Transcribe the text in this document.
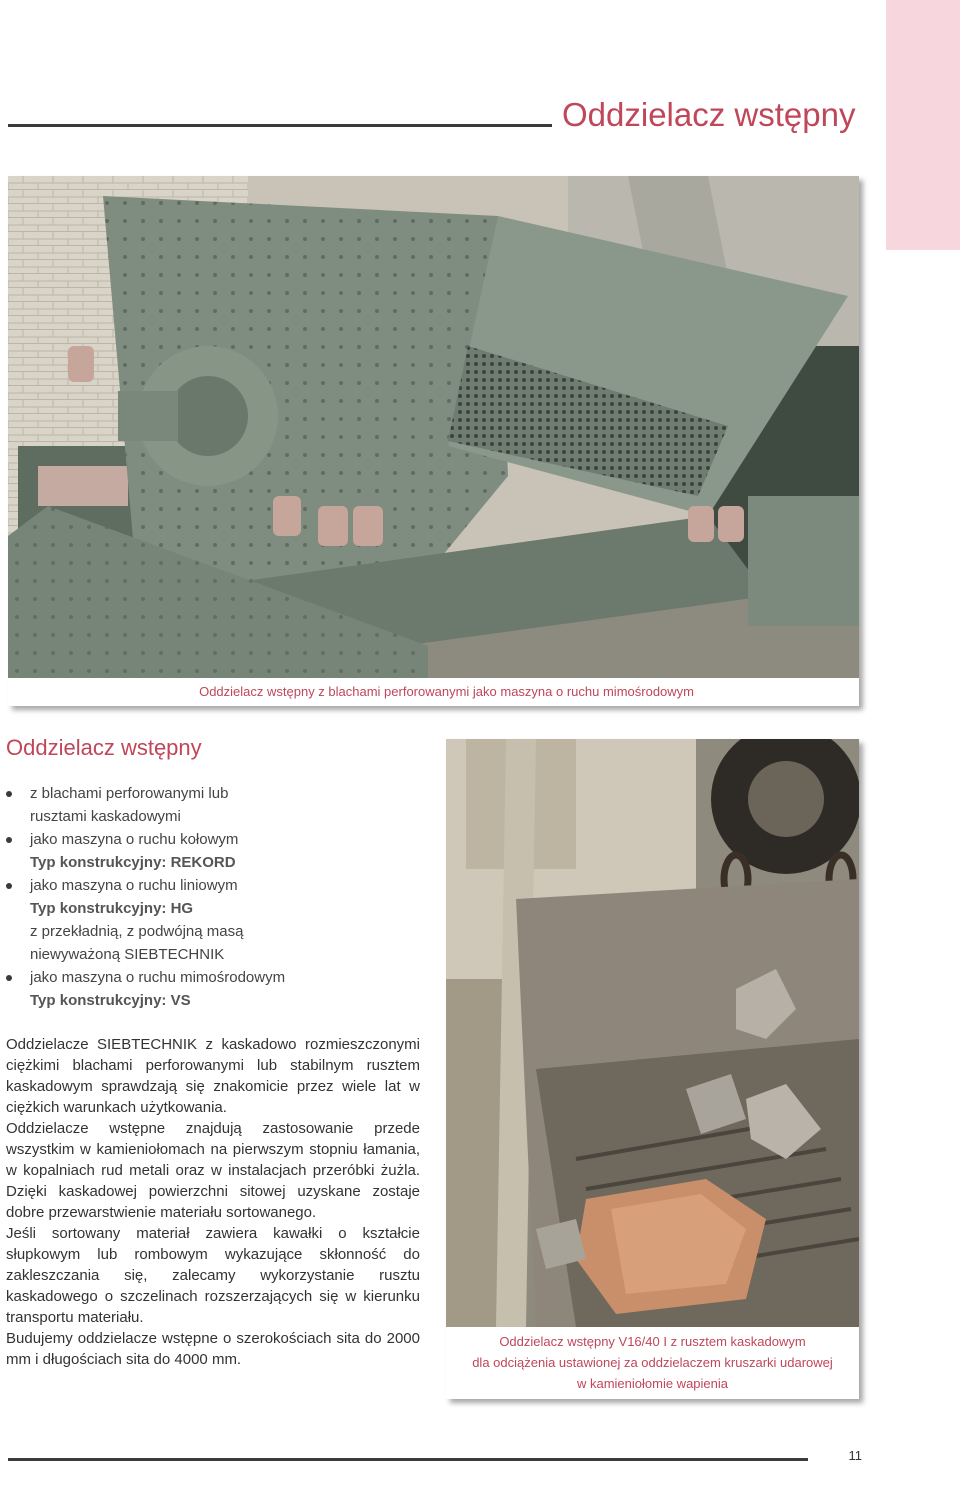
Oddzielacz wstępny
Oddzielacz wstępny z blachami perforowanymi jako maszyna o ruchu mimośrodowym
Oddzielacz wstępny
z blachami perforowanymi lub
rusztami kaskadowymi
jako maszyna o ruchu kołowym
Typ konstrukcyjny: REKORD
jako maszyna o ruchu liniowym
Typ konstrukcyjny: HG
z przekładnią, z podwójną masą
niewyważoną SIEBTECHNIK
jako maszyna o ruchu mimośrodowym
Typ konstrukcyjny: VS

Oddzielacze SIEBTECHNIK z kaskadowo rozmieszczonymi ciężkimi blachami perforowanymi lub stabilnym rusztem kaskadowym sprawdzają się znakomicie przez wiele lat w ciężkich warunkach użytkowania.

Oddzielacze wstępne znajdują zastosowanie przede wszystkim w kamieniołomach na pierwszym stopniu łamania, w kopalniach rud metali oraz w instalacjach przeróbki żużla. Dzięki kaskadowej powierzchni sitowej uzyskane zostaje dobre przewarstwienie materiału sortowanego.

Jeśli sortowany materiał zawiera kawałki o kształcie słupkowym lub rombowym wykazujące skłonność do zakleszczania się, zalecamy wykorzystanie rusztu kaskadowego o szczelinach rozszerzających się w kierunku transportu materiału.

Budujemy oddzielacze wstępne o szerokościach sita do 2000 mm i długościach sita do 4000 mm.

Oddzielacz wstępny V16/40 I z rusztem kaskadowym
dla odciążenia ustawionej za oddzielaczem kruszarki udarowej
w kamieniołomie wapienia
11
